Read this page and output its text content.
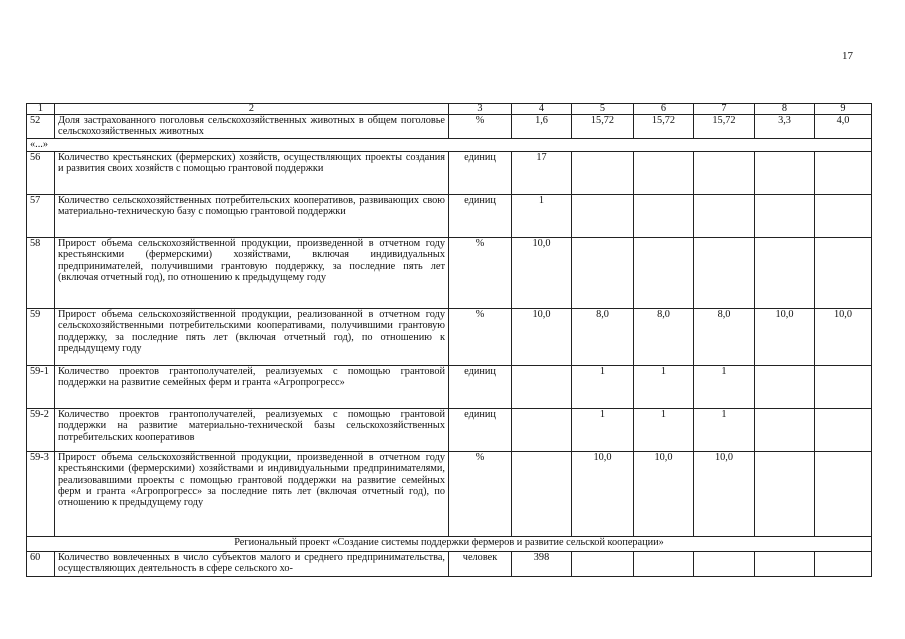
17
1	2	3	4	5	6	7	8	9
52	Доля застрахованного поголовья сельскохозяйственных животных в общем поголовье сельскохозяйственных животных	%	1,6	15,72	15,72	15,72	3,3	4,0
«...»								
56	Количество крестьянских (фермерских) хозяйств, осуществляющих проекты создания и развития своих хозяйств с помощью грантовой поддержки	единиц	17					
57	Количество сельскохозяйственных потребительских кооперативов, развивающих свою материально-техническую базу с помощью грантовой поддержки	единиц	1					
58	Прирост объема сельскохозяйственной продукции, произведенной в отчетном году крестьянскими (фермерскими) хозяйствами, включая индивидуальных предпринимателей, получившими грантовую поддержку, за последние пять лет (включая отчетный год), по отношению к предыдущему году	%	10,0					
59	Прирост объема сельскохозяйственной продукции, реализованной в отчетном году сельскохозяйственными потребительскими кооперативами, получившими грантовую поддержку, за последние пять лет (включая отчетный год), по отношению к предыдущему году	%	10,0	8,0	8,0	8,0	10,0	10,0
59-1	Количество проектов грантополучателей, реализуемых с помощью грантовой поддержки на развитие семейных ферм и гранта «Агропрогресс»	единиц		1	1	1		
59-2	Количество проектов грантополучателей, реализуемых с помощью грантовой поддержки на развитие материально-технической базы сельскохозяйственных потребительских кооперативов	единиц		1	1	1		
59-3	Прирост объема сельскохозяйственной продукции, произведенной в отчетном году крестьянскими (фермерскими) хозяйствами и индивидуальными предпринимателями, реализовавшими проекты с помощью грантовой поддержки на развитие семейных ферм и гранта «Агропрогресс» за последние пять лет (включая отчетный год), по отношению к предыдущему году	%		10,0	10,0	10,0		
Региональный проект «Создание системы поддержки фермеров и развитие сельской кооперации»								
60	Количество вовлеченных в число субъектов малого и среднего предпринимательства, осуществляющих деятельность в сфере сельского хо-	человек	398					
